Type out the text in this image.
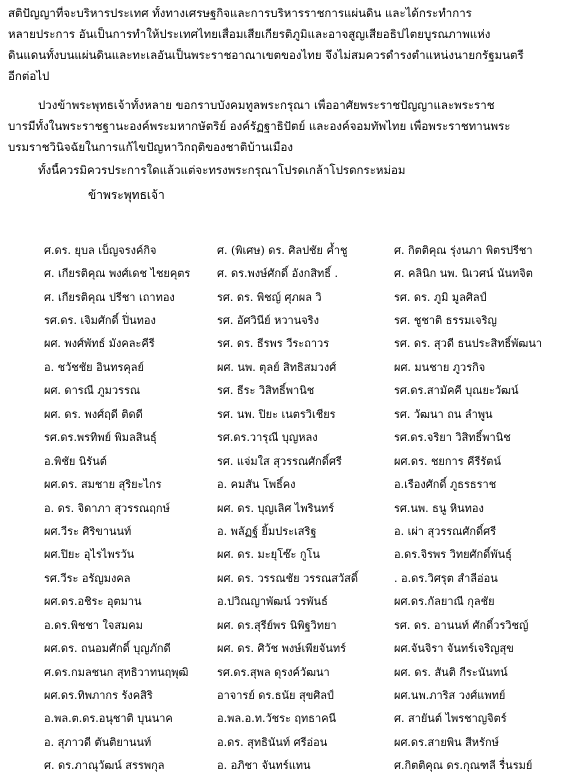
สติปัญญาที่จะบริหารประเทศ ทั้งทางเศรษฐกิจและการบริหารราชการแผ่นดิน และได้กระทำการ
หลายประการ อันเป็นการทำให้ประเทศไทยเสื่อมเสียเกียรติภูมิและอาจสูญเสียอธิปไตยบูรณภาพแห่ง
ดินแดนทั้งบนแผ่นดินและทะเลอันเป็นพระราชอาณาเขตของไทย จึงไม่สมควรดำรงตำแหน่งนายกรัฐมนตรี
อีกต่อไป
ปวงข้าพระพุทธเจ้าทั้งหลาย ขอกราบบังคมทูลพระกรุณา เพื่ออาศัยพระราชปัญญาและพระราช
บารมีทั้งในพระราชฐานะองค์พระมหากษัตริย์ องค์รัฏฐาธิปัตย์ และองค์จอมทัพไทย เพื่อพระราชทานพระ
บรมราชวินิจฉัยในการแก้ไขปัญหาวิกฤติของชาติบ้านเมือง
ทั้งนี้ควรมิควรประการใดแล้วแต่จะทรงพระกรุณาโปรดเกล้าโปรดกระหม่อม
ข้าพระพุทธเจ้า
ศ.ดร. ยุบล เบ็ญจรงค์กิจ	ศ. (พิเศษ) ดร. ศิลปชัย ค้ำชู	ศ. กิตติคุณ รุ่งนภา พิตรปรีชา
ศ. เกียรติคุณ พงศ์เดช ไชยคุตร	ศ. ดร.พงษ์ศักดิ์ อังกสิทธิ์ .	ศ. คลินิก นพ. นิเวศน์ นันทจิต
ศ. เกียรติคุณ ปรีชา เถาทอง	รศ. ดร. พิชญ์ ศุภผล วิ	รศ. ดร. ภูมิ มูลศิลป์
รศ.ดร. เจิมศักดิ์ ปิ่นทอง	รศ. อัศวินีย์ หวานจริง	รศ. ชูชาติ ธรรมเจริญ
ผศ. พงศ์พัทธ์ มังคละคีรี	รศ. ดร. ธีรพร วีระถาวร	รศ. ดร. สุวดี ธนประสิทธิ์พัฒนา
อ. ชวัชชัย อินทรคุลย์	ผศ. นพ. ตุลย์ สิทธิสมวงศ์	ผศ. มนชาย ภูวรกิจ
ผศ. ดารณี ภูมวรรณ	รศ. ธีระ วิสิทธิ์พานิช	รศ.ดร.สามัคคี บุณยะวัฒน์
ผศ. ดร. พงศ์ฤดี ติดดี	รศ. นพ. ปิยะ เนตรวิเชียร	รศ. วัฒนา ถน ลำพูน
รศ.ดร.พรทิพย์ พิมลสินธุ์	รศ.ดร.วารุณี บุญหลง	รศ.ดร.จริยา วิสิทธิ์พานิช
อ.พิชัย นิรันต์	รศ. แจ่มใส สุวรรณศักดิ์ศรี	ผศ.ดร. ชยการ คีรีรัตน์
ผศ.ดร. สมชาย สุริยะไกร	อ. คมสัน โพธิ์คง	อ.เรืองศักดิ์ ภูธรธราช
อ. ดร. จิดาภา สุวรรณฤกษ์	ผศ. ดร. บุญเลิศ ไพรินทร์	รศ.นพ. ธนู หินทอง
ผศ.วีระ ศิริขานนท์	อ. พลัฏฐ์ ยิ้มประเสริฐ	อ. เผ่า สุวรรณศักดิ์ศรี
ผศ.ปิยะ อุไรไพรวัน	ผศ. ดร. มะยุโซ๊ะ กูโน	อ.ดร.จิรพร วิทยศักดิ์พันธุ์
รศ.วีระ อรัญมงคล	ผศ. ดร. วรรณชัย วรรณสวัสดิ์	. อ.ดร.วิศรุต สำลีอ่อน
ผศ.ดร.อชิระ อุตมาน	อ.ปวิณญาพัฒน์ วรพันธ์	ผศ.ดร.กัลยาณี กุลชัย
อ.ดร.พิชชา ใจสมคม	ผศ. ดร.สุรีย์พร นิพิฐวิทยา	รศ. ดร. อานนท์ ศักดิ์วรวิชญ์
ผศ.ดร. ถนอมศักดิ์ บุญภักดี	ผศ. ดร. ศิวัช พงษ์เพียจันทร์	ผศ.จันจิรา จันทร์เจริญสุข
ศ.ดร.กมลชนก สุทธิวาทนฤพุฒิ	รศ.ดร.สุพล ดุรงค์วัฒนา	ผศ. ดร. สันติ กีระนันทน์
ผศ.ดร.ทิพภากร รังคสิริ	อาจารย์ ดร.ธนัย สุขศิลป์	ผศ.นพ.ภาริส วงศ์แพทย์
อ.พล.ต.ดร.อนุชาติ บุนนาค	อ.พล.อ.ท.วัชระ ฤทธาคนี	ศ. สายันต์ ไพรชาญจิตร์
อ. สุภาวดี ตันติยานนท์	อ.ดร. สุทธินันท์ ศรีอ่อน	ผศ.ดร.สายพิน สีหรักษ์
ศ. ดร.ภาณุวัฒน์ สรรพกุล	อ. อภิชา จันทร์แทน	ศ.กิตติคุณ ดร.กุณฑลี รื่นรมย์
